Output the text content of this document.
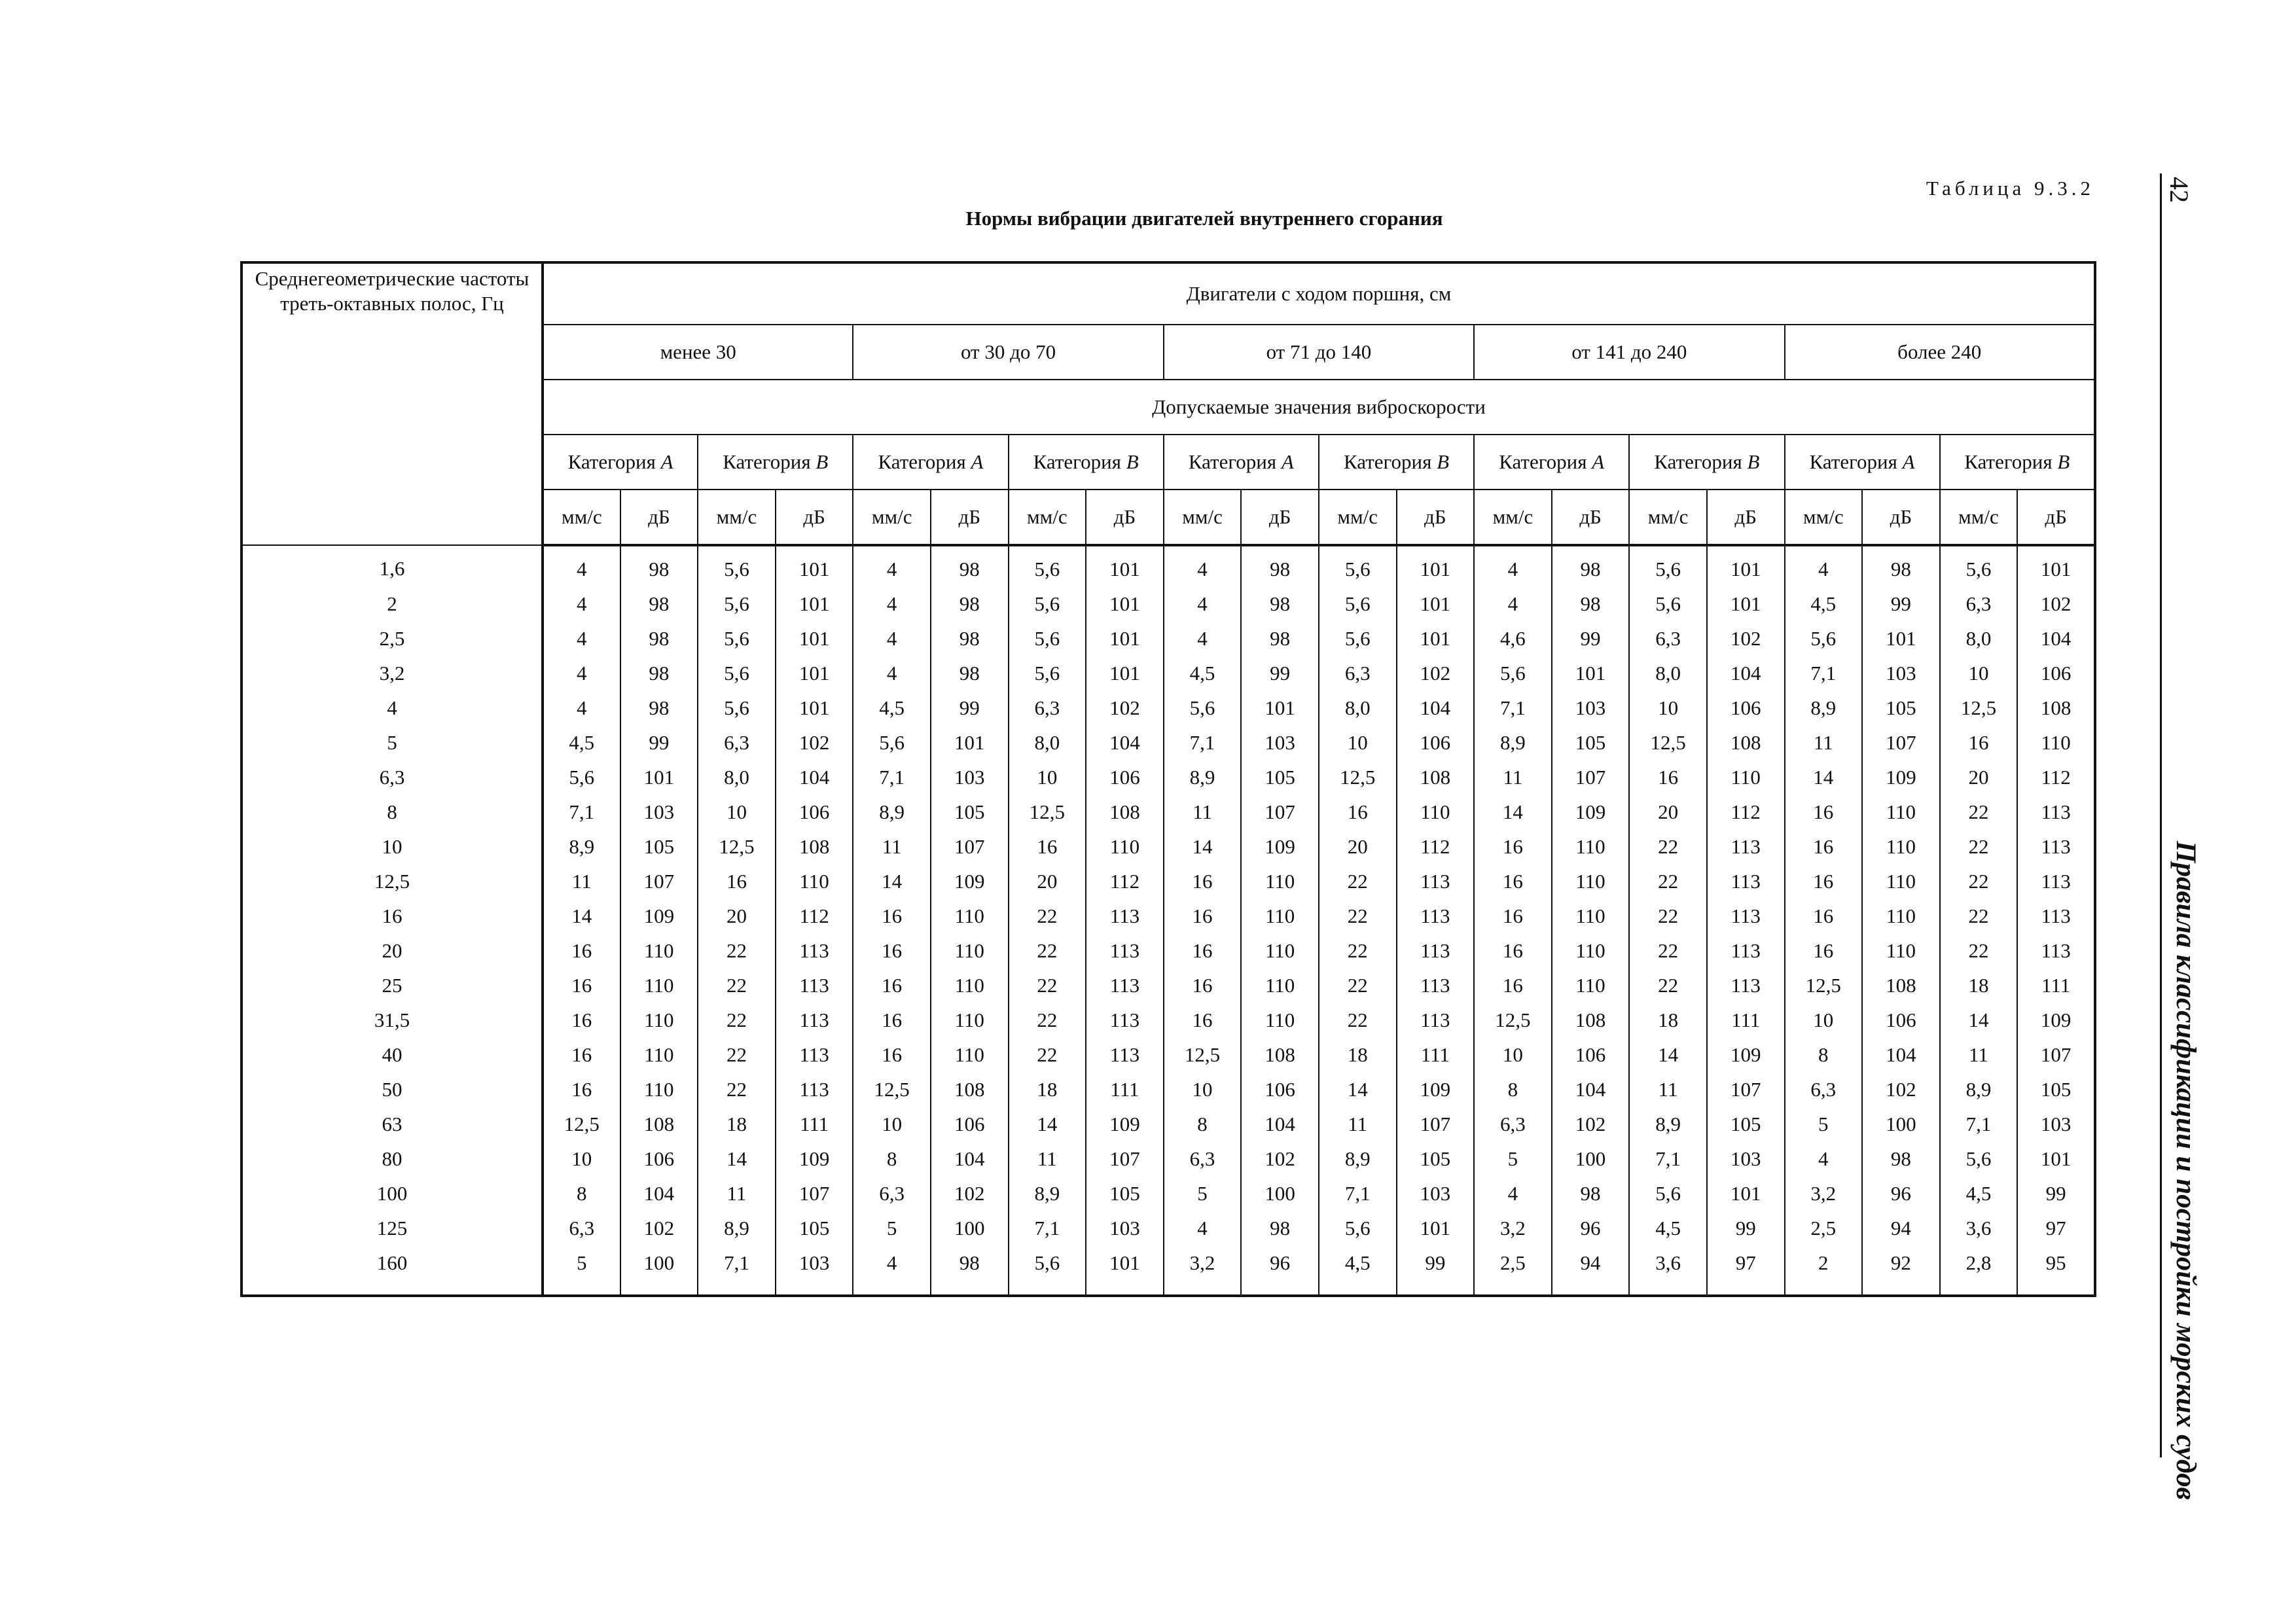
Таблица 9.3.2
Нормы вибрации двигателей внутреннего сгорания
42
Правила классификации и постройки морских судов
Среднегеометрические частоты треть-октавных полос, Гц	Двигатели с ходом поршня, см																			
	менее 30				от 30 до 70				от 71 до 140				от 141 до 240				более 240			
	Допускаемые значения виброскорости																			
	Категория A		Категория B		Категория A		Категория B		Категория A		Категория B		Категория A		Категория B		Категория A		Категория B	
	мм/с	дБ	мм/с	дБ	мм/с	дБ	мм/с	дБ	мм/с	дБ	мм/с	дБ	мм/с	дБ	мм/с	дБ	мм/с	дБ	мм/с	дБ
1,6	4	98	5,6	101	4	98	5,6	101	4	98	5,6	101	4	98	5,6	101	4	98	5,6	101
2	4	98	5,6	101	4	98	5,6	101	4	98	5,6	101	4	98	5,6	101	4,5	99	6,3	102
2,5	4	98	5,6	101	4	98	5,6	101	4	98	5,6	101	4,6	99	6,3	102	5,6	101	8,0	104
3,2	4	98	5,6	101	4	98	5,6	101	4,5	99	6,3	102	5,6	101	8,0	104	7,1	103	10	106
4	4	98	5,6	101	4,5	99	6,3	102	5,6	101	8,0	104	7,1	103	10	106	8,9	105	12,5	108
5	4,5	99	6,3	102	5,6	101	8,0	104	7,1	103	10	106	8,9	105	12,5	108	11	107	16	110
6,3	5,6	101	8,0	104	7,1	103	10	106	8,9	105	12,5	108	11	107	16	110	14	109	20	112
8	7,1	103	10	106	8,9	105	12,5	108	11	107	16	110	14	109	20	112	16	110	22	113
10	8,9	105	12,5	108	11	107	16	110	14	109	20	112	16	110	22	113	16	110	22	113
12,5	11	107	16	110	14	109	20	112	16	110	22	113	16	110	22	113	16	110	22	113
16	14	109	20	112	16	110	22	113	16	110	22	113	16	110	22	113	16	110	22	113
20	16	110	22	113	16	110	22	113	16	110	22	113	16	110	22	113	16	110	22	113
25	16	110	22	113	16	110	22	113	16	110	22	113	16	110	22	113	12,5	108	18	111
31,5	16	110	22	113	16	110	22	113	16	110	22	113	12,5	108	18	111	10	106	14	109
40	16	110	22	113	16	110	22	113	12,5	108	18	111	10	106	14	109	8	104	11	107
50	16	110	22	113	12,5	108	18	111	10	106	14	109	8	104	11	107	6,3	102	8,9	105
63	12,5	108	18	111	10	106	14	109	8	104	11	107	6,3	102	8,9	105	5	100	7,1	103
80	10	106	14	109	8	104	11	107	6,3	102	8,9	105	5	100	7,1	103	4	98	5,6	101
100	8	104	11	107	6,3	102	8,9	105	5	100	7,1	103	4	98	5,6	101	3,2	96	4,5	99
125	6,3	102	8,9	105	5	100	7,1	103	4	98	5,6	101	3,2	96	4,5	99	2,5	94	3,6	97
160	5	100	7,1	103	4	98	5,6	101	3,2	96	4,5	99	2,5	94	3,6	97	2	92	2,8	95
